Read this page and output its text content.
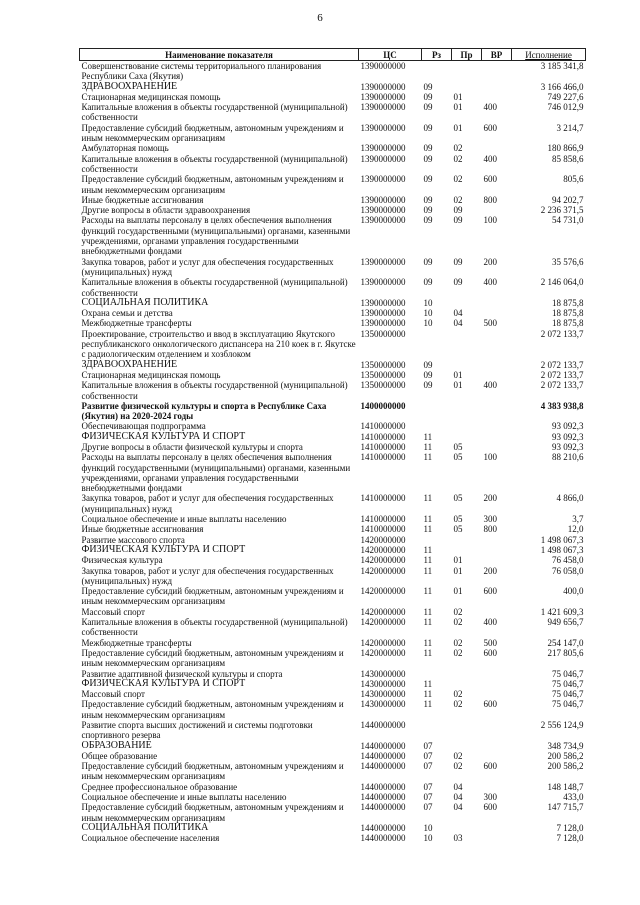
6
Наименование показателя	ЦС	Рз	Пр	ВР	Исполнение
Совершенствование системы территориального планирования Республики Саха (Якутия)	1390000000				3 185 341,8
ЗДРАВООХРАНЕНИЕ	1390000000	09			3 166 466,0
Стационарная медицинская помощь	1390000000	09	01		749 227,6
Капитальные вложения в объекты государственной (муниципальной) собственности	1390000000	09	01	400	746 012,9
Предоставление субсидий бюджетным, автономным учреждениям и иным некоммерческим организациям	1390000000	09	01	600	3 214,7
Амбулаторная помощь	1390000000	09	02		180 866,9
Капитальные вложения в объекты государственной (муниципальной) собственности	1390000000	09	02	400	85 858,6
Предоставление субсидий бюджетным, автономным учреждениям и иным некоммерческим организациям	1390000000	09	02	600	805,6
Иные бюджетные ассигнования	1390000000	09	02	800	94 202,7
Другие вопросы в области здравоохранения	1390000000	09	09		2 236 371,5
Расходы на выплаты персоналу в целях обеспечения выполнения функций государственными (муниципальными) органами, казенными учреждениями, органами управления государственными внебюджетными фондами	1390000000	09	09	100	54 731,0
Закупка товаров, работ и услуг для обеспечения государственных (муниципальных) нужд	1390000000	09	09	200	35 576,6
Капитальные вложения в объекты государственной (муниципальной) собственности	1390000000	09	09	400	2 146 064,0
СОЦИАЛЬНАЯ ПОЛИТИКА	1390000000	10			18 875,8
Охрана семьи и детства	1390000000	10	04		18 875,8
Межбюджетные трансферты	1390000000	10	04	500	18 875,8
Проектирование, строительство и ввод в эксплуатацию Якутского республиканского онкологического диспансера на 210 коек в г. Якутске с радиологическим отделением и хозблоком	1350000000				2 072 133,7
ЗДРАВООХРАНЕНИЕ	1350000000	09			2 072 133,7
Стационарная медицинская помощь	1350000000	09	01		2 072 133,7
Капитальные вложения в объекты государственной (муниципальной) собственности	1350000000	09	01	400	2 072 133,7
Развитие физической культуры и спорта в Республике Саха (Якутия) на 2020-2024 годы	1400000000				4 383 938,8
Обеспечивающая подпрограмма	1410000000				93 092,3
ФИЗИЧЕСКАЯ КУЛЬТУРА И СПОРТ	1410000000	11			93 092,3
Другие вопросы в области физической культуры и спорта	1410000000	11	05		93 092,3
Расходы на выплаты персоналу в целях обеспечения выполнения функций государственными (муниципальными) органами, казенными учреждениями, органами управления государственными внебюджетными фондами	1410000000	11	05	100	88 210,6
Закупка товаров, работ и услуг для обеспечения государственных (муниципальных) нужд	1410000000	11	05	200	4 866,0
Социальное обеспечение и иные выплаты населению	1410000000	11	05	300	3,7
Иные бюджетные ассигнования	1410000000	11	05	800	12,0
Развитие массового спорта	1420000000				1 498 067,3
ФИЗИЧЕСКАЯ КУЛЬТУРА И СПОРТ	1420000000	11			1 498 067,3
Физическая культура	1420000000	11	01		76 458,0
Закупка товаров, работ и услуг для обеспечения государственных (муниципальных) нужд	1420000000	11	01	200	76 058,0
Предоставление субсидий бюджетным, автономным учреждениям и иным некоммерческим организациям	1420000000	11	01	600	400,0
Массовый спорт	1420000000	11	02		1 421 609,3
Капитальные вложения в объекты государственной (муниципальной) собственности	1420000000	11	02	400	949 656,7
Межбюджетные трансферты	1420000000	11	02	500	254 147,0
Предоставление субсидий бюджетным, автономным учреждениям и иным некоммерческим организациям	1420000000	11	02	600	217 805,6
Развитие адаптивной физической культуры и спорта	1430000000				75 046,7
ФИЗИЧЕСКАЯ КУЛЬТУРА И СПОРТ	1430000000	11			75 046,7
Массовый спорт	1430000000	11	02		75 046,7
Предоставление субсидий бюджетным, автономным учреждениям и иным некоммерческим организациям	1430000000	11	02	600	75 046,7
Развитие спорта высших достижений и системы подготовки спортивного резерва	1440000000				2 556 124,9
ОБРАЗОВАНИЕ	1440000000	07			348 734,9
Общее образование	1440000000	07	02		200 586,2
Предоставление субсидий бюджетным, автономным учреждениям и иным некоммерческим организациям	1440000000	07	02	600	200 586,2
Среднее профессиональное образование	1440000000	07	04		148 148,7
Социальное обеспечение и иные выплаты населению	1440000000	07	04	300	433,0
Предоставление субсидий бюджетным, автономным учреждениям и иным некоммерческим организациям	1440000000	07	04	600	147 715,7
СОЦИАЛЬНАЯ ПОЛИТИКА	1440000000	10			7 128,0
Социальное обеспечение населения	1440000000	10	03		7 128,0
